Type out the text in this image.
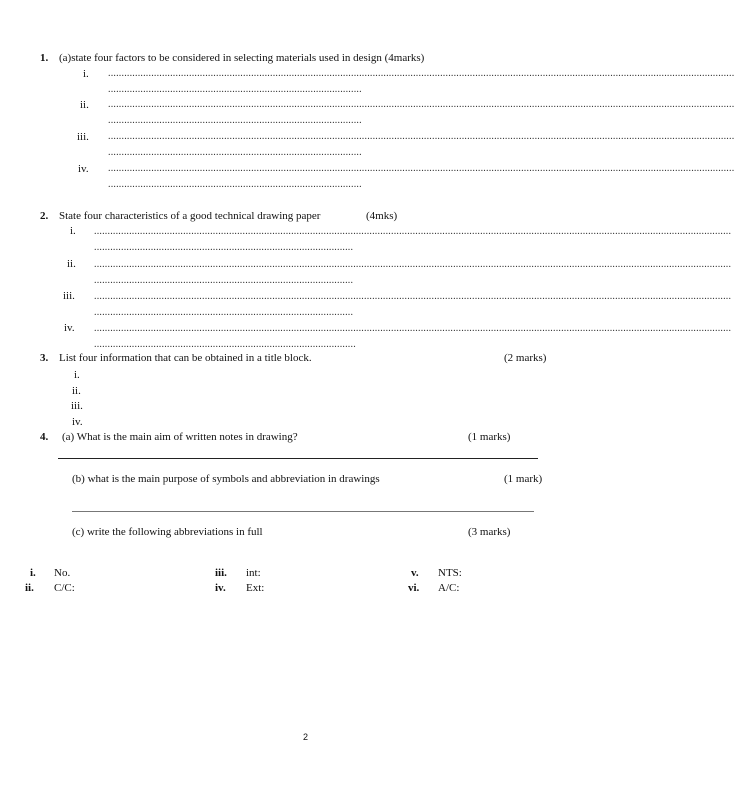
1. (a)state four factors to be considered in selecting materials used in design (4marks)
i. ........................................................................................................................................................................................................................................
..............................................................................................
ii. ........................................................................................................................................................................................................................................
..............................................................................................
iii. ........................................................................................................................................................................................................................................
..............................................................................................
iv. ........................................................................................................................................................................................................................................
..............................................................................................
2. State four characteristics of a good technical drawing paper	(4mks)
i. ............................................................................................................................................................................................................................................
................................................................................................
ii. ............................................................................................................................................................................................................................................
................................................................................................
iii. ............................................................................................................................................................................................................................................
................................................................................................
iv. ............................................................................................................................................................................................................................................
.................................................................................................
3. List four information that can be obtained in a title block.	(2 marks)
i.
ii.
iii.
iv.
4. (a) What is the main aim of written notes in drawing?	(1 marks)
(b) what is the main purpose of symbols and abbreviation in drawings	(1 mark)
(c) write the following abbreviations in full	(3 marks)
i. No.
ii. C/C:
iii. int:
iv. Ext:
v. NTS:
vi. A/C:
2
